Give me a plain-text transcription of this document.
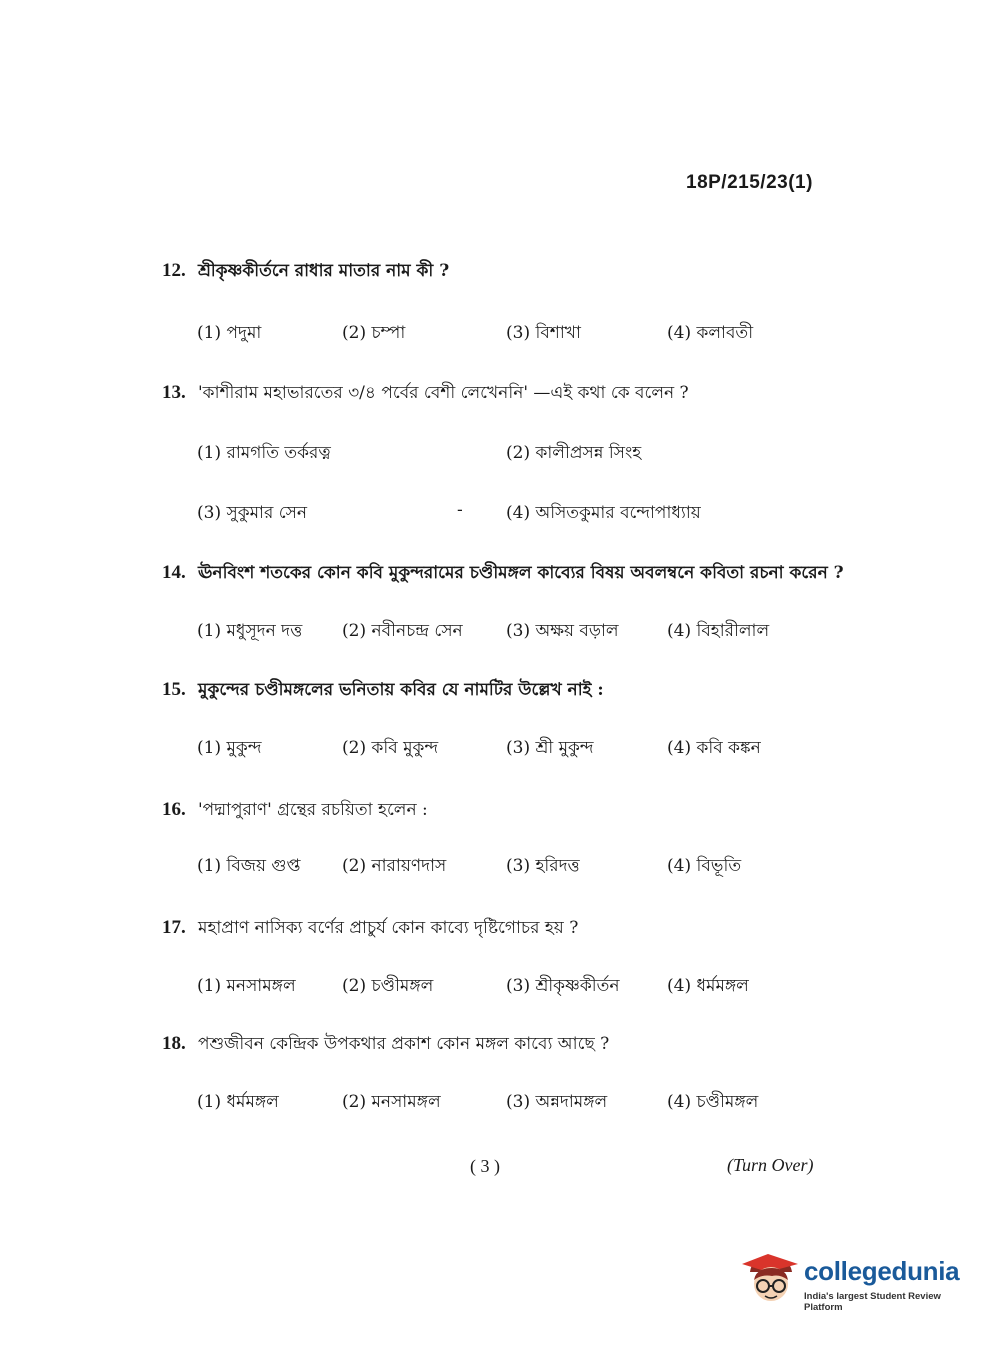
18P/215/23(1)
12. শ্রীকৃষ্ণকীর্তনে রাধার মাতার নাম কী ?
(1) পদুমা	(2) চম্পা	(3) বিশাখা	(4) কলাবতী
13. 'কাশীরাম মহাভারতের ৩/৪ পর্বের বেশী লেখেননি' —এই কথা কে বলেন ?
(1) রামগতি তর্করত্ন	(2) কালীপ্রসন্ন সিংহ
(3) সুকুমার সেন	(4) অসিতকুমার বন্দোপাধ্যায়
-
14. ঊনবিংশ শতকের কোন কবি মুকুন্দরামের চণ্ডীমঙ্গল কাব্যের বিষয় অবলম্বনে কবিতা রচনা করেন ?
(1) মধুসূদন দত্ত (2) নবীনচন্দ্র সেন	(3) অক্ষয় বড়াল	(4) বিহারীলাল
15. মুকুন্দের চণ্ডীমঙ্গলের ভনিতায় কবির যে নামটির উল্লেখ নাই :
(1) মুকুন্দ	(2) কবি মুকুন্দ	(3) শ্রী মুকুন্দ	(4) কবি কঙ্কন
16. 'পদ্মাপুরাণ' গ্রন্থের রচয়িতা হলেন :
(1) বিজয় গুপ্ত (2) নারায়ণদাস	(3) হরিদত্ত	(4) বিভূতি
17. মহাপ্রাণ নাসিক্য বর্ণের প্রাচুর্য কোন কাব্যে দৃষ্টিগোচর হয় ?
(1) মনসামঙ্গল	(2) চণ্ডীমঙ্গল	(3) শ্রীকৃষ্ণকীর্তন	(4) ধর্মমঙ্গল
18. পশুজীবন কেন্দ্রিক উপকথার প্রকাশ কোন মঙ্গল কাব্যে আছে ?
(1) ধর্মমঙ্গল	(2) মনসামঙ্গল	(3) অন্নদামঙ্গল	(4) চণ্ডীমঙ্গল
( 3 )	(Turn Over)
collegedunia
India's largest Student Review Platform
